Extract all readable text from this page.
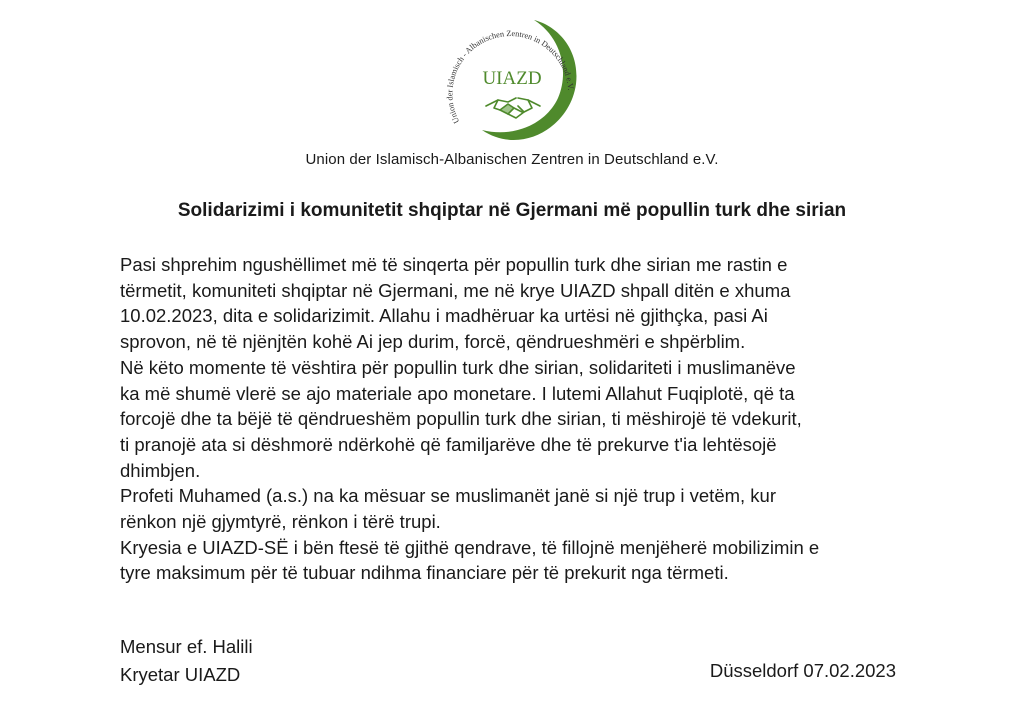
Union der Islamisch - Albanischen Zentren in Deutschland e.V.
UIAZD
Union der Islamisch-Albanischen Zentren in Deutschland e.V.
Solidarizimi i komunitetit shqiptar në Gjermani më popullin turk dhe sirian
Pasi shprehim ngushëllimet më të sinqerta për popullin turk dhe sirian me rastin e
tërmetit, komuniteti shqiptar në Gjermani, me në krye UIAZD shpall ditën e xhuma
10.02.2023, dita e solidarizimit. Allahu i madhëruar ka urtësi në gjithçka, pasi Ai
sprovon, në të njënjtën kohë Ai jep durim, forcë, qëndrueshmëri e shpërblim.
Në këto momente të vështira për popullin turk dhe sirian, solidariteti i muslimanëve
ka më shumë vlerë se ajo materiale apo monetare. I lutemi Allahut Fuqiplotë, që ta
forcojë dhe ta bëjë të qëndrueshëm popullin turk dhe sirian, ti mëshirojë të vdekurit,
ti pranojë ata si dëshmorë ndërkohë që familjarëve dhe të prekurve t'ia lehtësojë
dhimbjen.
Profeti Muhamed (a.s.) na ka mësuar se muslimanët janë si një trup i vetëm, kur
rënkon një gjymtyrë, rënkon i tërë trupi.
Kryesia e UIAZD-SË i bën ftesë të gjithë qendrave, të fillojnë menjëherë mobilizimin e
tyre maksimum për të tubuar ndihma financiare për të prekurit nga tërmeti.
Mensur ef. Halili
Kryetar UIAZD	Düsseldorf 07.02.2023
